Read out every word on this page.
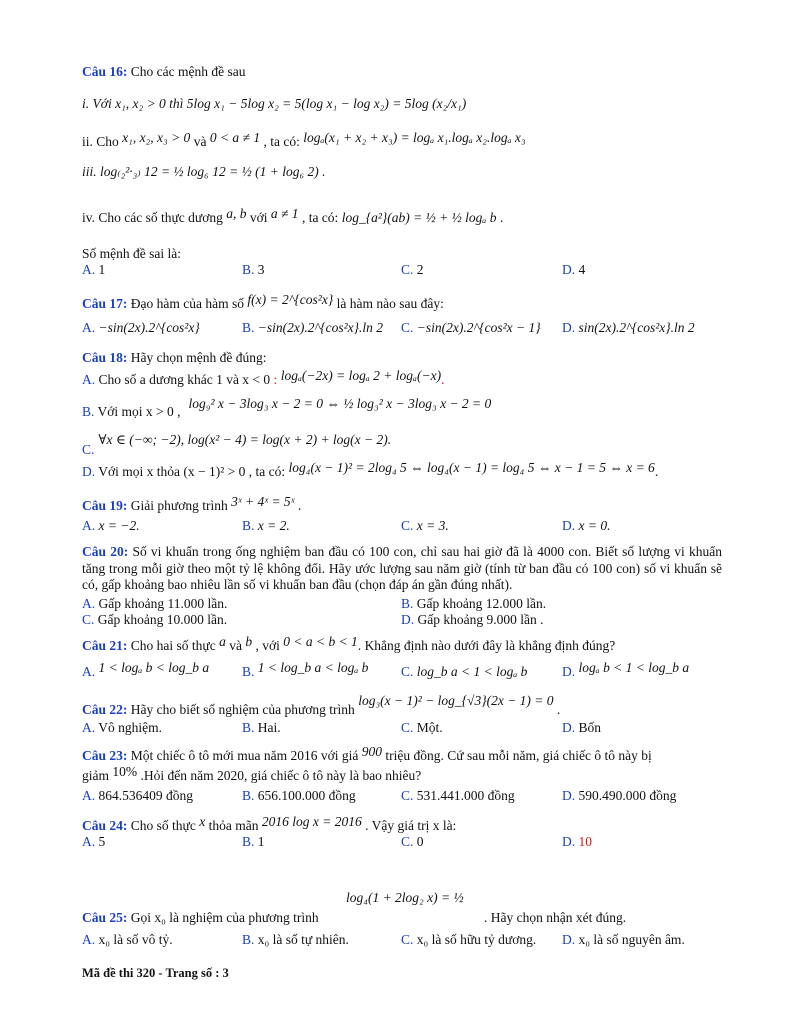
Câu 16: Cho các mệnh đề sau
i. Với x₁, x₂ > 0 thì 5log x₁ − 5log x₂ = 5(log x₁ − log x₂) = 5log (x₂/x₁)
ii. Cho x₁, x₂, x₃ > 0 và 0 < a ≠ 1 , ta có: logₐ(x₁ + x₂ + x₃) = logₐ x₁.logₐ x₂.logₐ x₃
iii. log₍₂²·₃₎ 12 = ½ log₆ 12 = ½ (1 + log₆ 2) .
iv. Cho các số thực dương a, b với a ≠ 1 , ta có: log_{a²}(ab) = ½ + ½ logₐ b .
Số mệnh đề sai là:
A. 1	B. 3	C. 2	D. 4
Câu 17: Đạo hàm của hàm số f(x) = 2^{cos²x} là hàm nào sau đây:
A. −sin(2x).2^{cos²x}	B. −sin(2x).2^{cos²x}.ln 2 C. −sin(2x).2^{cos²x − 1} D. sin(2x).2^{cos²x}.ln 2
Câu 18: Hãy chọn mệnh đề đúng:
A. Cho số a dương khác 1 và x < 0 : logₐ(−2x) = logₐ 2 + logₐ(−x).
B. Với mọi x > 0 ,log₉² x − 3log₃ x − 2 = 0 ⇔ ½ log₃² x − 3log₃ x − 2 = 0
C.∀x ∈ (−∞; −2), log(x² − 4) = log(x + 2) + log(x − 2).
D. Với mọi x thỏa (x − 1)² > 0 , ta có: log₄(x − 1)² = 2log₄ 5 ⇔ log₄(x − 1) = log₄ 5 ⇔ x − 1 = 5 ⇔ x = 6.
Câu 19: Giải phương trình 3ˣ + 4ˣ = 5ˣ .
A. x = −2.	B. x = 2.	C. x = 3.	D. x = 0.
Câu 20: Số vi khuẩn trong ống nghiệm ban đầu có 100 con, chỉ sau hai giờ đã là 4000 con. Biết số lượng vi khuẩn tăng trong mỗi giờ theo một tỷ lệ không đổi. Hãy ước lượng sau năm giờ (tính từ ban đầu có 100 con) số vi khuẩn sẽ có, gấp khoảng bao nhiêu lần số vi khuẩn ban đầu (chọn đáp án gần đúng nhất).
A. Gấp khoảng 11.000 lần.	B. Gấp khoảng 12.000 lần.
C. Gấp khoảng 10.000 lần.	D. Gấp khoảng 9.000 lần .
Câu 21: Cho hai số thực a và b , với 0 < a < b < 1. Khẳng định nào dưới đây là khẳng định đúng?
A. 1 < logₐ b < log_b a B. 1 < log_b a < logₐ b C. log_b a < 1 < logₐ b	D. logₐ b < 1 < log_b a
Câu 22: Hãy cho biết số nghiệm của phương trình log₃(x − 1)² − log_{√3}(2x − 1) = 0 .
A. Vô nghiệm.	B. Hai.	C. Một.	D. Bốn
Câu 23: Một chiếc ô tô mới mua năm 2016 với giá 900 triệu đồng. Cứ sau mỗi năm, giá chiếc ô tô này bị
giảm 10% .Hỏi đến năm 2020, giá chiếc ô tô này là bao nhiêu?
A. 864.536409 đồng	B. 656.100.000 đồng	C. 531.441.000 đồng	D. 590.490.000 đồng
Câu 24: Cho số thực x thỏa mãn 2016 log x = 2016 . Vậy giá trị x là:
A. 5	B. 1	C. 0	D. 10
log₄(1 + 2log₂ x) = ½
Câu 25: Gọi x₀ là nghiệm của phương trình	. Hãy chọn nhận xét đúng.
A. x₀ là số vô tỷ.	B. x₀ là số tự nhiên.	C. x₀ là số hữu tỷ dương. D. x₀ là số nguyên âm.
Mã đề thi 320 - Trang số : 3
